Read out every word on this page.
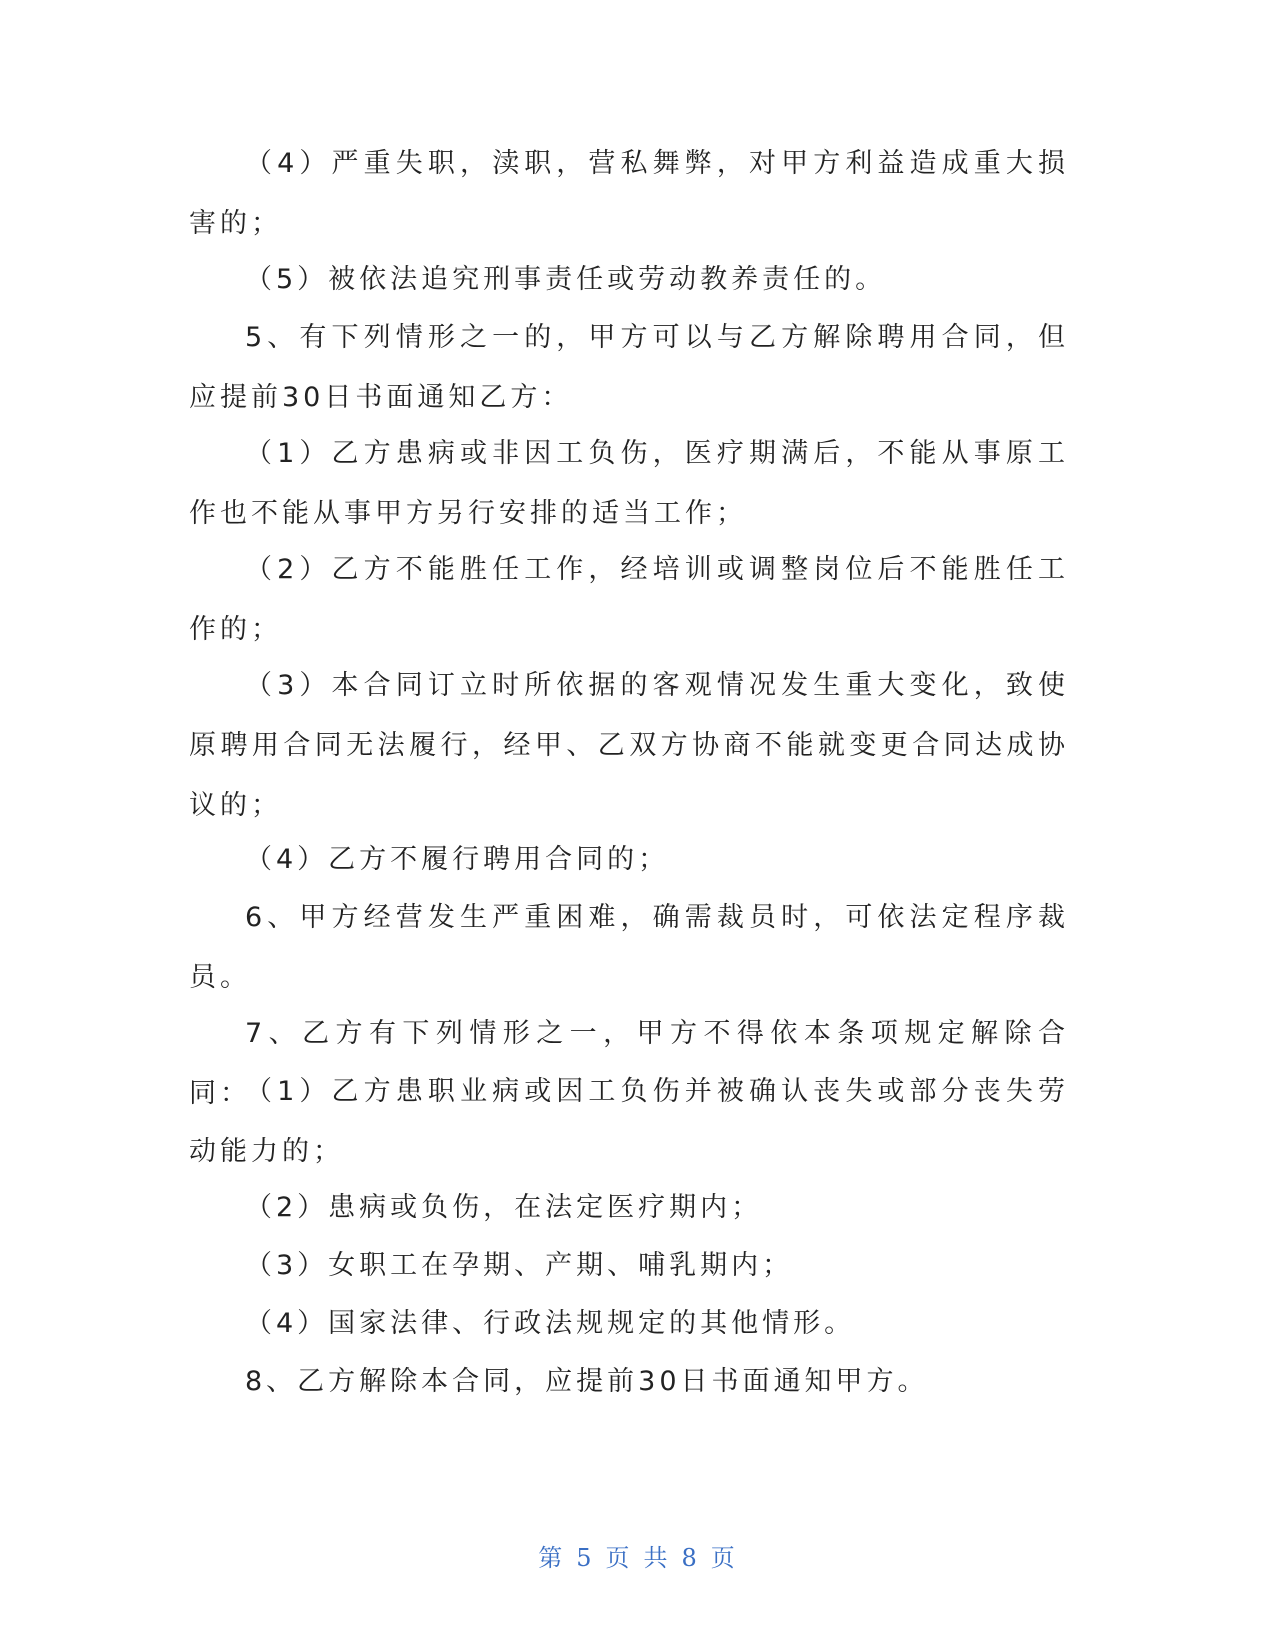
（4）严重失职，渎职，营私舞弊，对甲方利益造成重大损害的；

（5）被依法追究刑事责任或劳动教养责任的。

5、有下列情形之一的，甲方可以与乙方解除聘用合同，但应提前30日书面通知乙方：

（1）乙方患病或非因工负伤，医疗期满后，不能从事原工作也不能从事甲方另行安排的适当工作；

（2）乙方不能胜任工作，经培训或调整岗位后不能胜任工作的；

（3）本合同订立时所依据的客观情况发生重大变化，致使原聘用合同无法履行，经甲、乙双方协商不能就变更合同达成协议的；

（4）乙方不履行聘用合同的；

6、甲方经营发生严重困难，确需裁员时，可依法定程序裁员。

7、乙方有下列情形之一，甲方不得依本条项规定解除合同：

（1）乙方患职业病或因工负伤并被确认丧失或部分丧失劳动能力的；

（2）患病或负伤，在法定医疗期内；

（3）女职工在孕期、产期、哺乳期内；

（4）国家法律、行政法规规定的其他情形。

8、乙方解除本合同，应提前30日书面通知甲方。

第 5 页 共 8 页
